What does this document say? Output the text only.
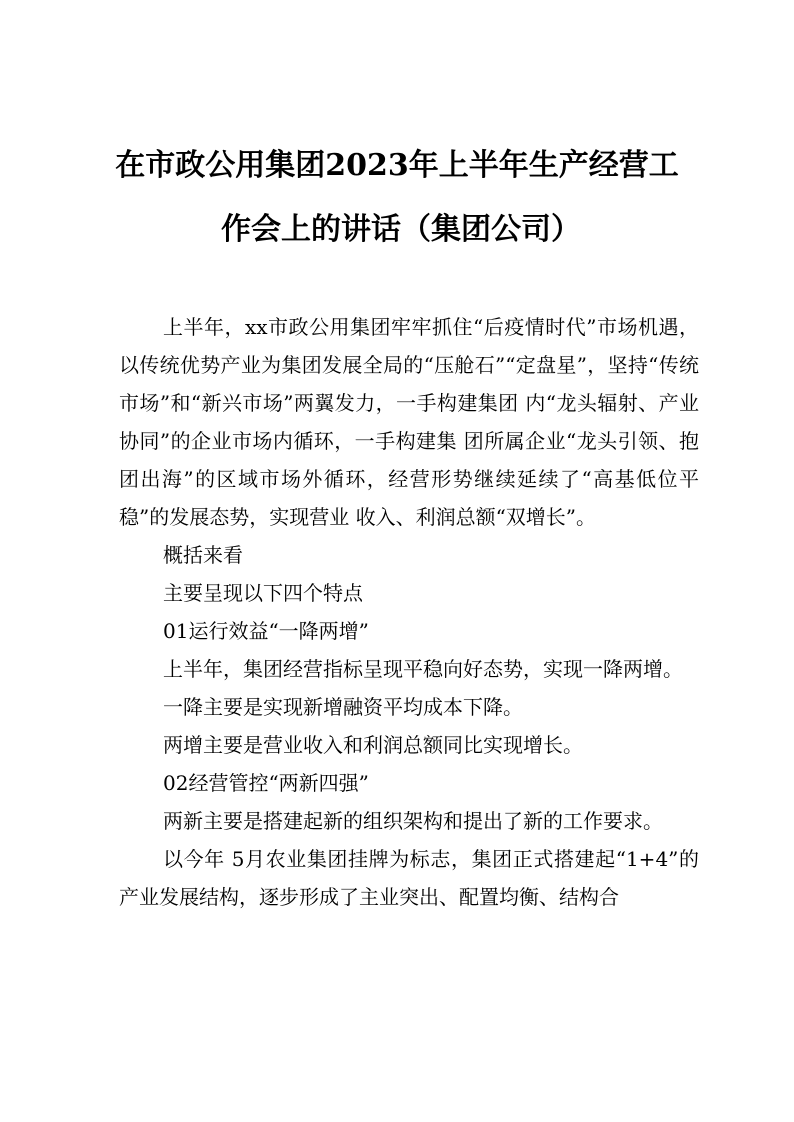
在市政公用集团2023年上半年生产经营工
作会上的讲话（集团公司）

上半年，xx市政公用集团牢牢抓住“后疫情时代”市场机遇，以传统优势产业为集团发展全局的“压舱石”“定盘星”，坚持“传统市场”和“新兴市场”两翼发力，一手构建集团 内“龙头辐射、产业协同”的企业市场内循环，一手构建集 团所属企业“龙头引领、抱团出海”的区域市场外循环，经营形势继续延续了“高基低位平稳”的发展态势，实现营业 收入、利润总额“双增长”。

概括来看

主要呈现以下四个特点

01运行效益“一降两增”

上半年，集团经营指标呈现平稳向好态势，实现一降两增。

一降主要是实现新增融资平均成本下降。

两增主要是营业收入和利润总额同比实现增长。

02经营管控“两新四强”

两新主要是搭建起新的组织架构和提出了新的工作要求。

以今年 5月农业集团挂牌为标志，集团正式搭建起“1+4”的产业发展结构，逐步形成了主业突出、配置均衡、结构合
